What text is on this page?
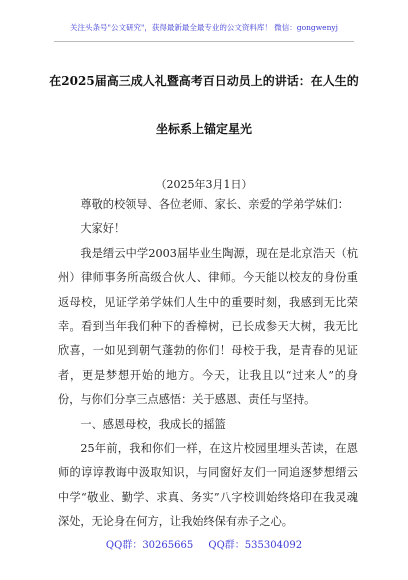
关注头条号"公文研究"，获得最新最全最专业的公文资料库！ 微信：gongwenyj
在2025届高三成人礼暨高考百日动员上的讲话：在人生的
坐标系上锚定星光
（2025年3月1日）

尊敬的校领导、各位老师、家长、亲爱的学弟学妹们：

大家好！

我是缙云中学2003届毕业生陶源，现在是北京浩天（杭州）律师事务所高级合伙人、律师。今天能以校友的身份重返母校，见证学弟学妹们人生中的重要时刻，我感到无比荣幸。看到当年我们种下的香樟树，已长成参天大树，我无比欣喜，一如见到朝气蓬勃的你们！母校于我，是青春的见证者，更是梦想开始的地方。今天，让我且以“过来人”的身份，与你们分享三点感悟：关于感恩、责任与坚持。

一、感恩母校，我成长的摇篮

25年前，我和你们一样，在这片校园里埋头苦读，在恩师的谆谆教诲中汲取知识，与同窗好友们一同追逐梦想缙云中学“敬业、勤学、求真、务实”八字校训始终烙印在我灵魂深处，无论身在何方，让我始终保有赤子之心。

QQ群：30265665 QQ群：535304092
